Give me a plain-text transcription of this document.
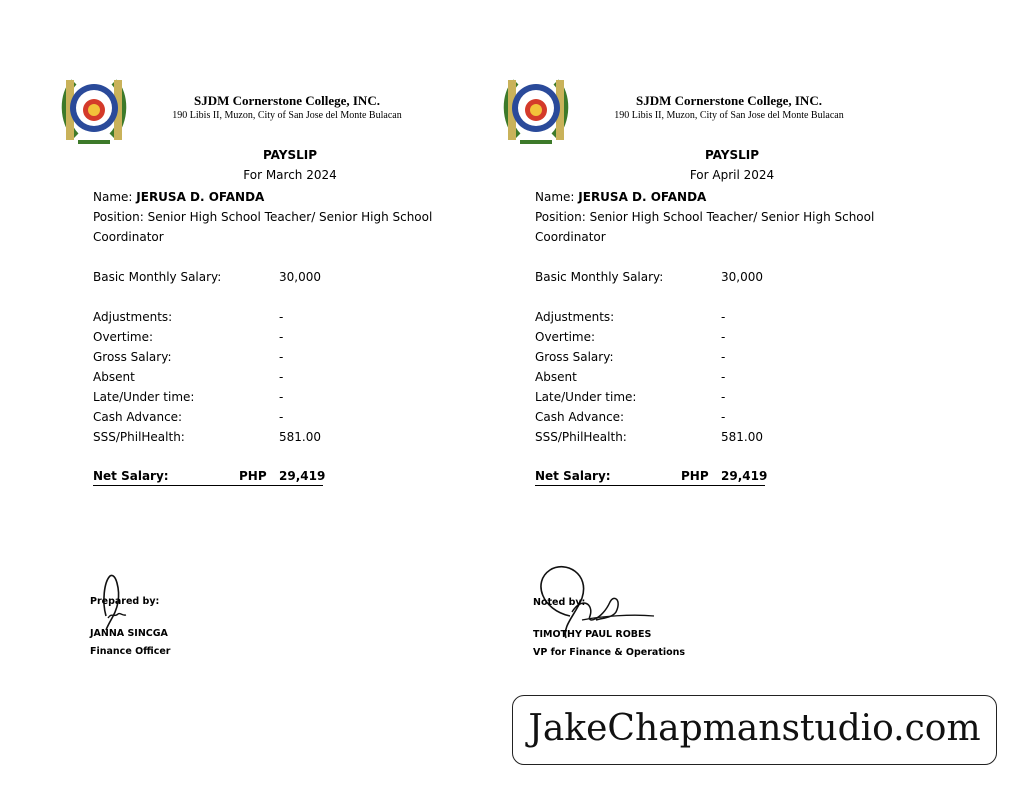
SJDM Cornerstone College, INC.
190 Libis II, Muzon, City of San Jose del Monte Bulacan
PAYSLIP
For March 2024
Name: JERUSA D. OFANDA
Position: Senior High School Teacher/ Senior High School
Coordinator
Basic Monthly Salary:	30,000
Adjustments:	-
Overtime:	-
Gross Salary:	-
Absent	-
Late/Under time:	-
Cash Advance:	-
SSS/PhilHealth:	581.00
Net Salary:	PHP 29,419
Prepared by:
JANNA SINCGA
Finance Officer
SJDM Cornerstone College, INC.
190 Libis II, Muzon, City of San Jose del Monte Bulacan
PAYSLIP
For April 2024
Name: JERUSA D. OFANDA
Position: Senior High School Teacher/ Senior High School
Coordinator
Basic Monthly Salary:	30,000
Adjustments:	-
Overtime:	-
Gross Salary:	-
Absent	-
Late/Under time:	-
Cash Advance:	-
SSS/PhilHealth:	581.00
Net Salary:	PHP 29,419
Noted by:
TIMOTHY PAUL ROBES
VP for Finance & Operations
JakeChapmanstudio.com
